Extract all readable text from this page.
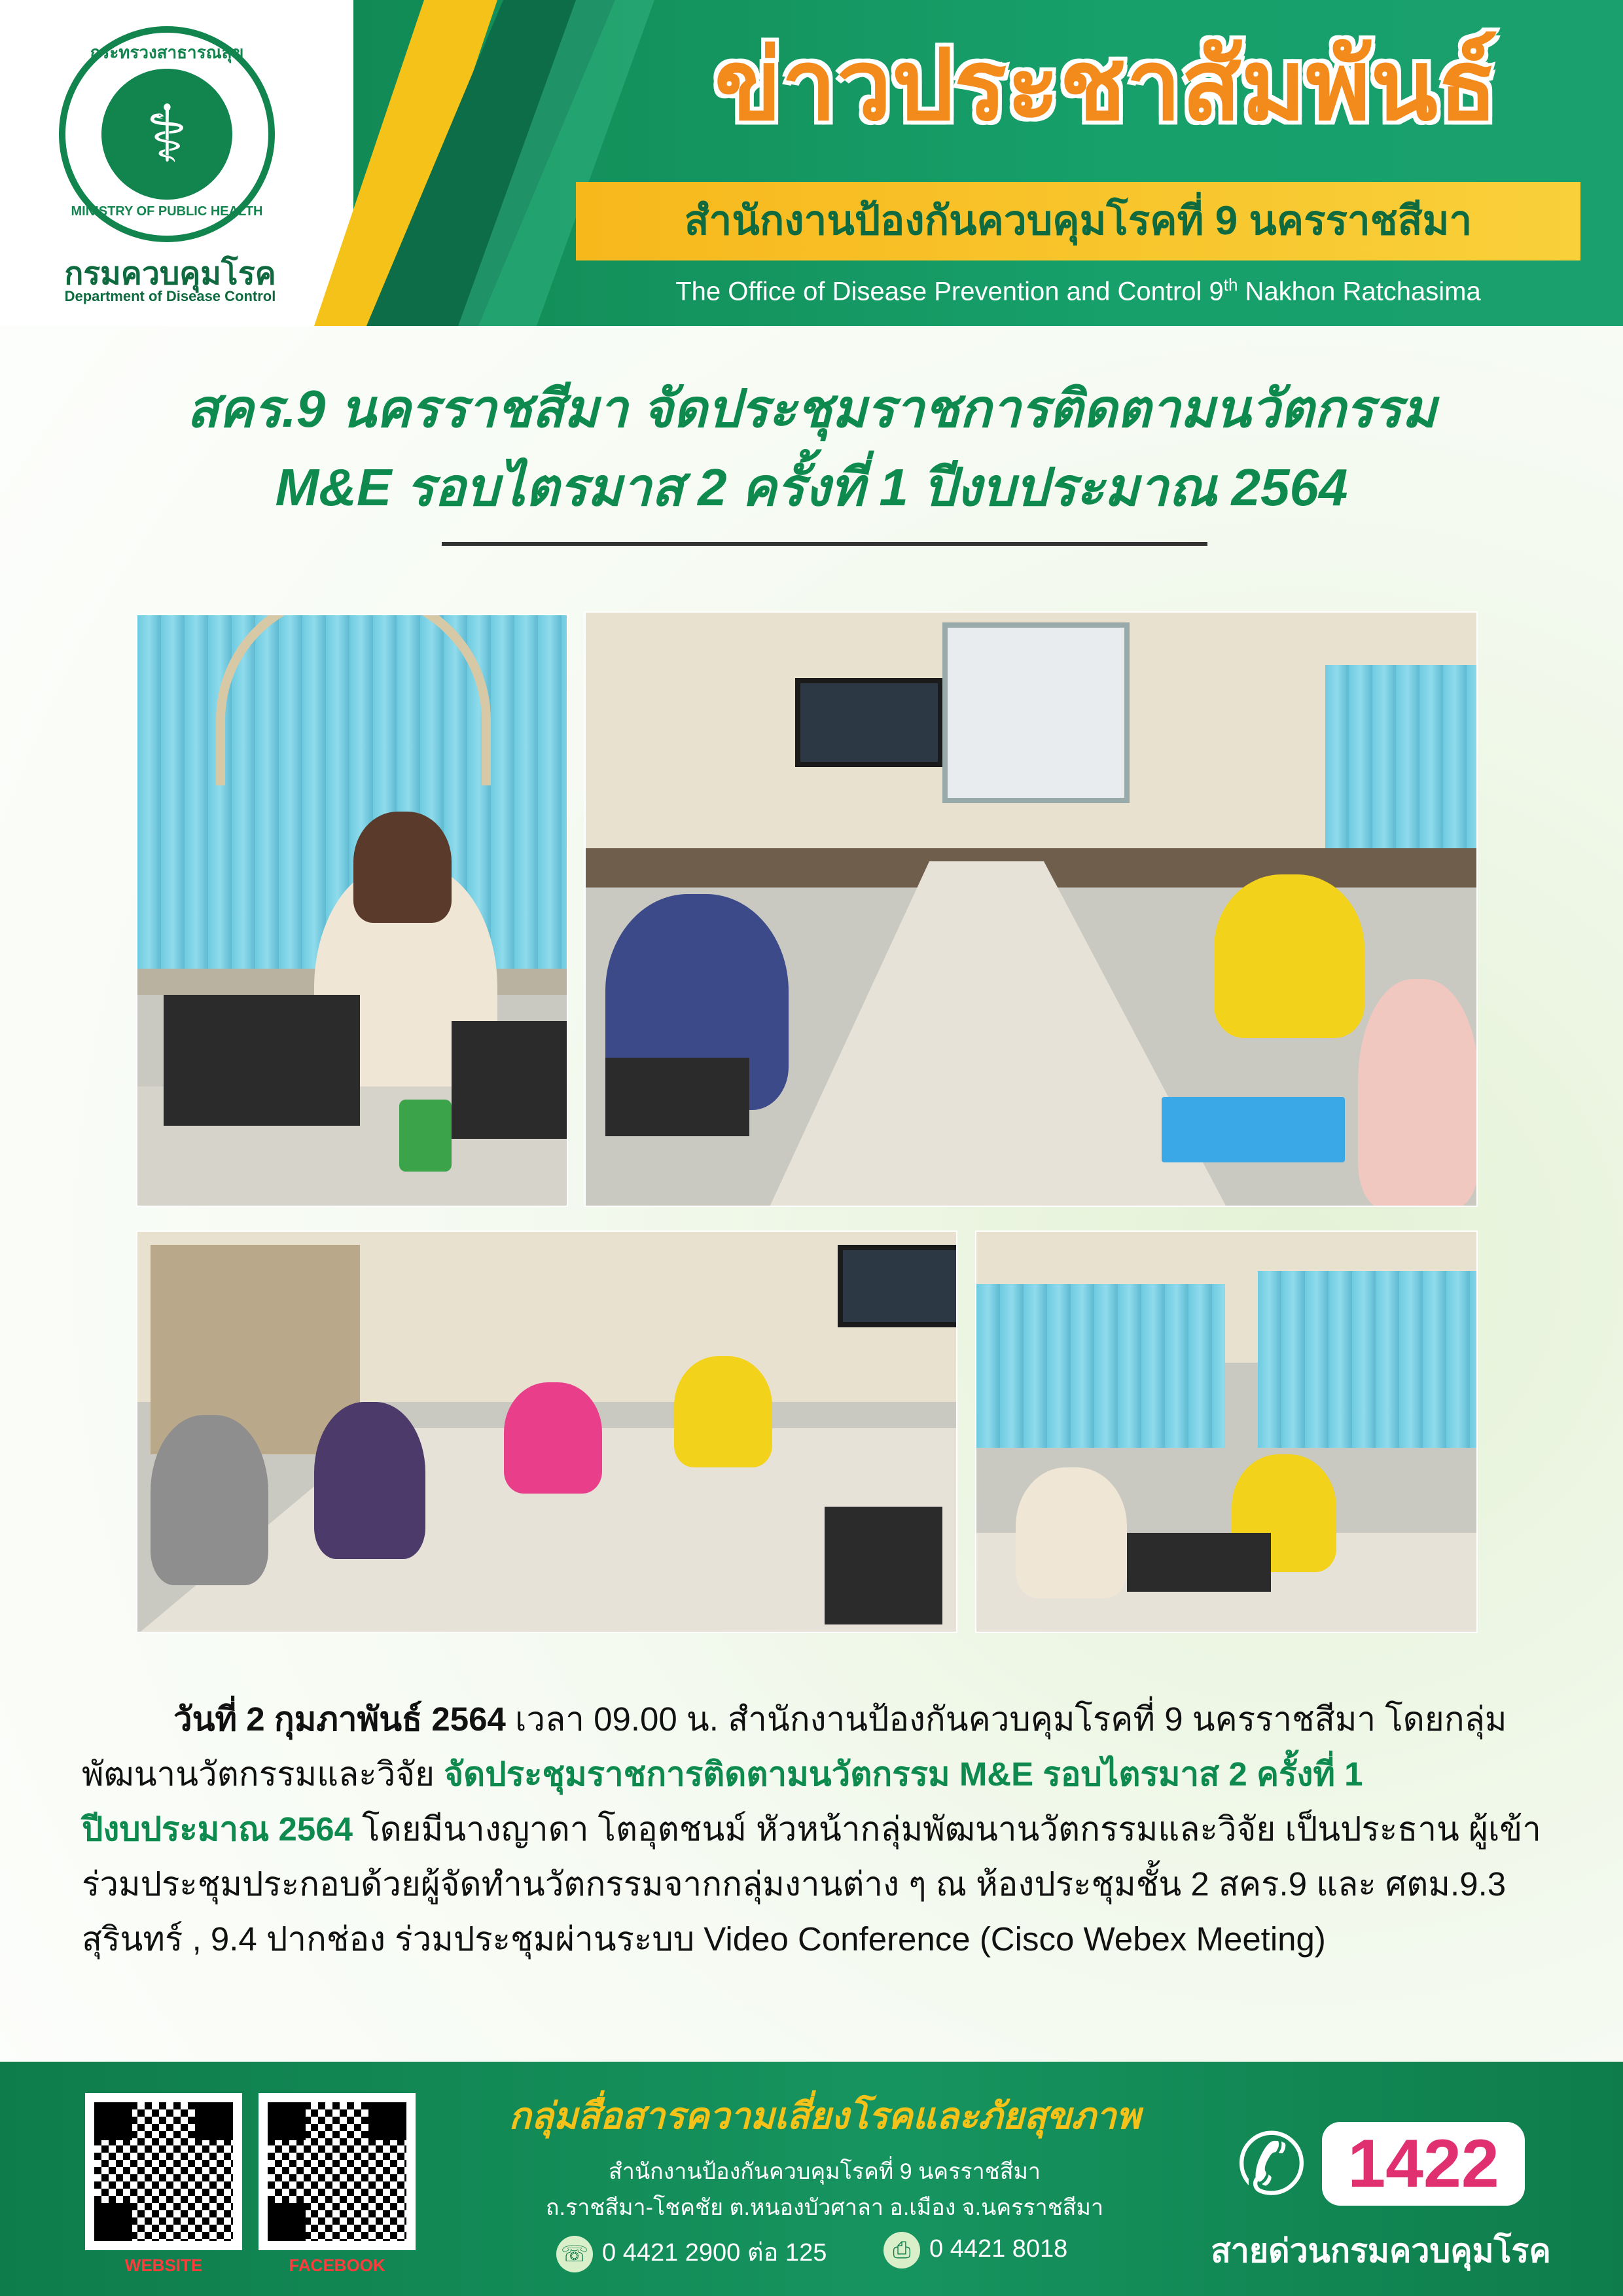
กระทรวงสาธารณสุข
⚕
MINISTRY OF PUBLIC HEALTH
กรมควบคุมโรค
Department of Disease Control
ข่าวประชาสัมพันธ์
สำนักงานป้องกันควบคุมโรคที่ 9 นครราชสีมา
The Office of Disease Prevention and Control 9th Nakhon Ratchasima
สคร.9 นครราชสีมา จัดประชุมราชการติดตามนวัตกรรม
M&E รอบไตรมาส 2 ครั้งที่ 1 ปีงบประมาณ 2564
วันที่ 2 กุมภาพันธ์ 2564 เวลา 09.00 น. สำนักงานป้องกันควบคุมโรคที่ 9 นครราชสีมา โดยกลุ่มพัฒนานวัตกรรมและวิจัย จัดประชุมราชการติดตามนวัตกรรม M&E รอบไตรมาส 2 ครั้งที่ 1 ปีงบประมาณ 2564 โดยมีนางญาดา โตอุตชนม์ หัวหน้ากลุ่มพัฒนานวัตกรรมและวิจัย เป็นประธาน ผู้เข้าร่วมประชุมประกอบด้วยผู้จัดทำนวัตกรรมจากกลุ่มงานต่าง ๆ ณ ห้องประชุมชั้น 2 สคร.9 และ ศตม.9.3 สุรินทร์ , 9.4 ปากช่อง ร่วมประชุมผ่านระบบ Video Conference (Cisco Webex Meeting)
WEBSITE	FACEBOOK
กลุ่มสื่อสารความเสี่ยงโรคและภัยสุขภาพ
สำนักงานป้องกันควบคุมโรคที่ 9 นครราชสีมา
ถ.ราชสีมา-โชคชัย ต.หนองบัวศาลา อ.เมือง จ.นครราชสีมา
☏ 0 4421 2900 ต่อ 125	⎙ 0 4421 8018
✆ 1422
สายด่วนกรมควบคุมโรค
